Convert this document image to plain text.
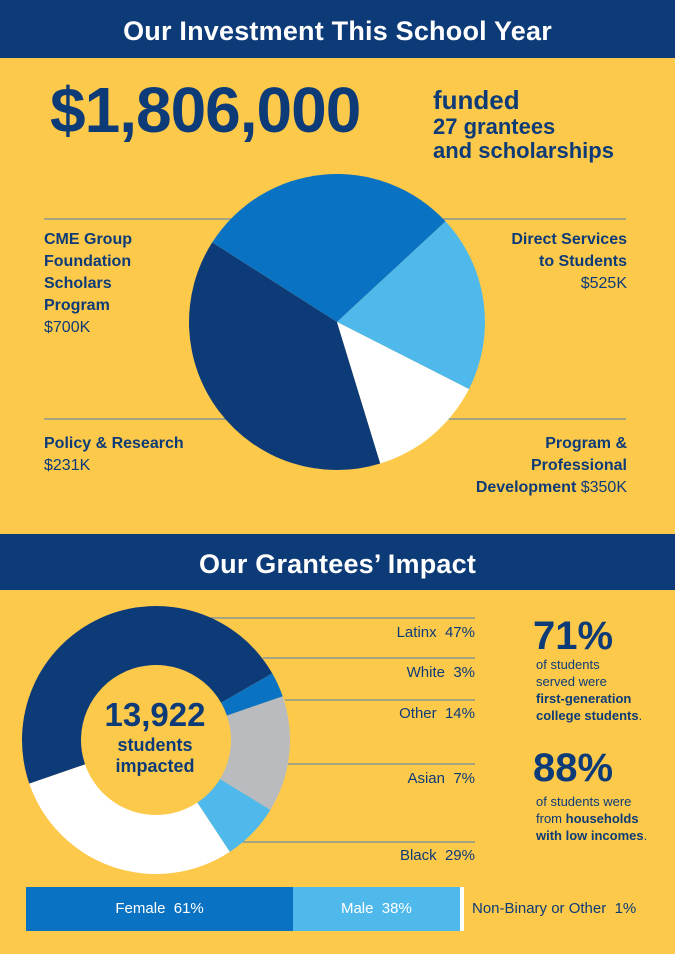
Our Investment This School Year
$1,806,000	funded
27 grantees
and scholarships
CME Group
Foundation
Scholars
Program
$700K
Direct Services
to Students
$525K
Policy & Research
$231K
Program &
Professional
Development $350K
Our Grantees’ Impact
Latinx 47%
White 3%
Other 14%
Asian 7%
Black 29%
13,922
students
impacted
71%
of students
served were
first-generation
college students.
88%
of students were
from households
with low incomes.
Female  61%	Male  38%	Non-Binary or Other 1%
